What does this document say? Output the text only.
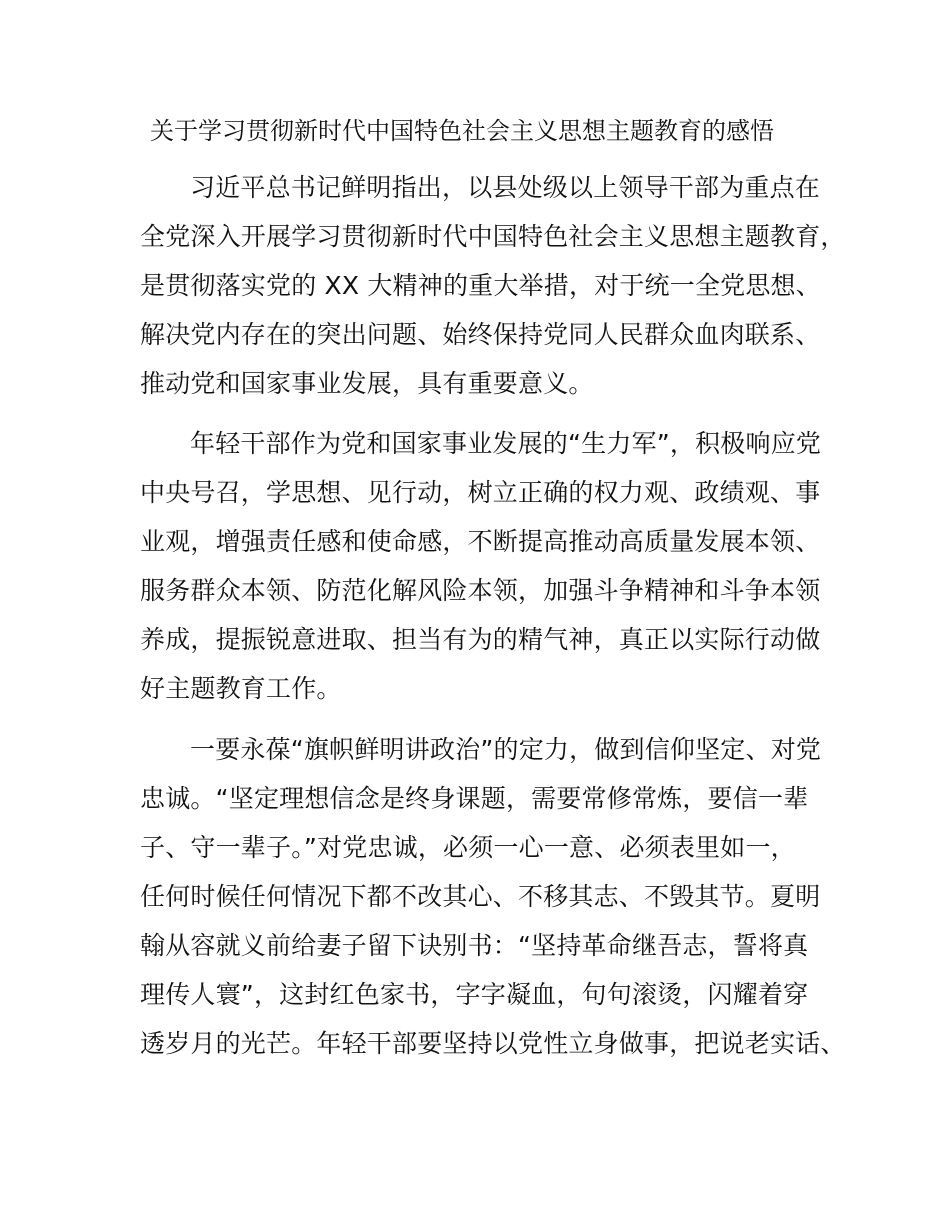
关于学习贯彻新时代中国特色社会主义思想主题教育的感悟
习近平总书记鲜明指出，以县处级以上领导干部为重点在
全党深入开展学习贯彻新时代中国特色社会主义思想主题教育，
是贯彻落实党的 XX 大精神的重大举措，对于统一全党思想、
解决党内存在的突出问题、始终保持党同人民群众血肉联系、
推动党和国家事业发展，具有重要意义。
年轻干部作为党和国家事业发展的“生力军”，积极响应党
中央号召，学思想、见行动，树立正确的权力观、政绩观、事
业观，增强责任感和使命感，不断提高推动高质量发展本领、
服务群众本领、防范化解风险本领，加强斗争精神和斗争本领
养成，提振锐意进取、担当有为的精气神，真正以实际行动做
好主题教育工作。
一要永葆“旗帜鲜明讲政治”的定力，做到信仰坚定、对党
忠诚。“坚定理想信念是终身课题，需要常修常炼，要信一辈
子、守一辈子。”对党忠诚，必须一心一意、必须表里如一，
任何时候任何情况下都不改其心、不移其志、不毁其节。夏明
翰从容就义前给妻子留下诀别书：“坚持革命继吾志，誓将真
理传人寰”，这封红色家书，字字凝血，句句滚烫，闪耀着穿
透岁月的光芒。年轻干部要坚持以党性立身做事，把说老实话、
